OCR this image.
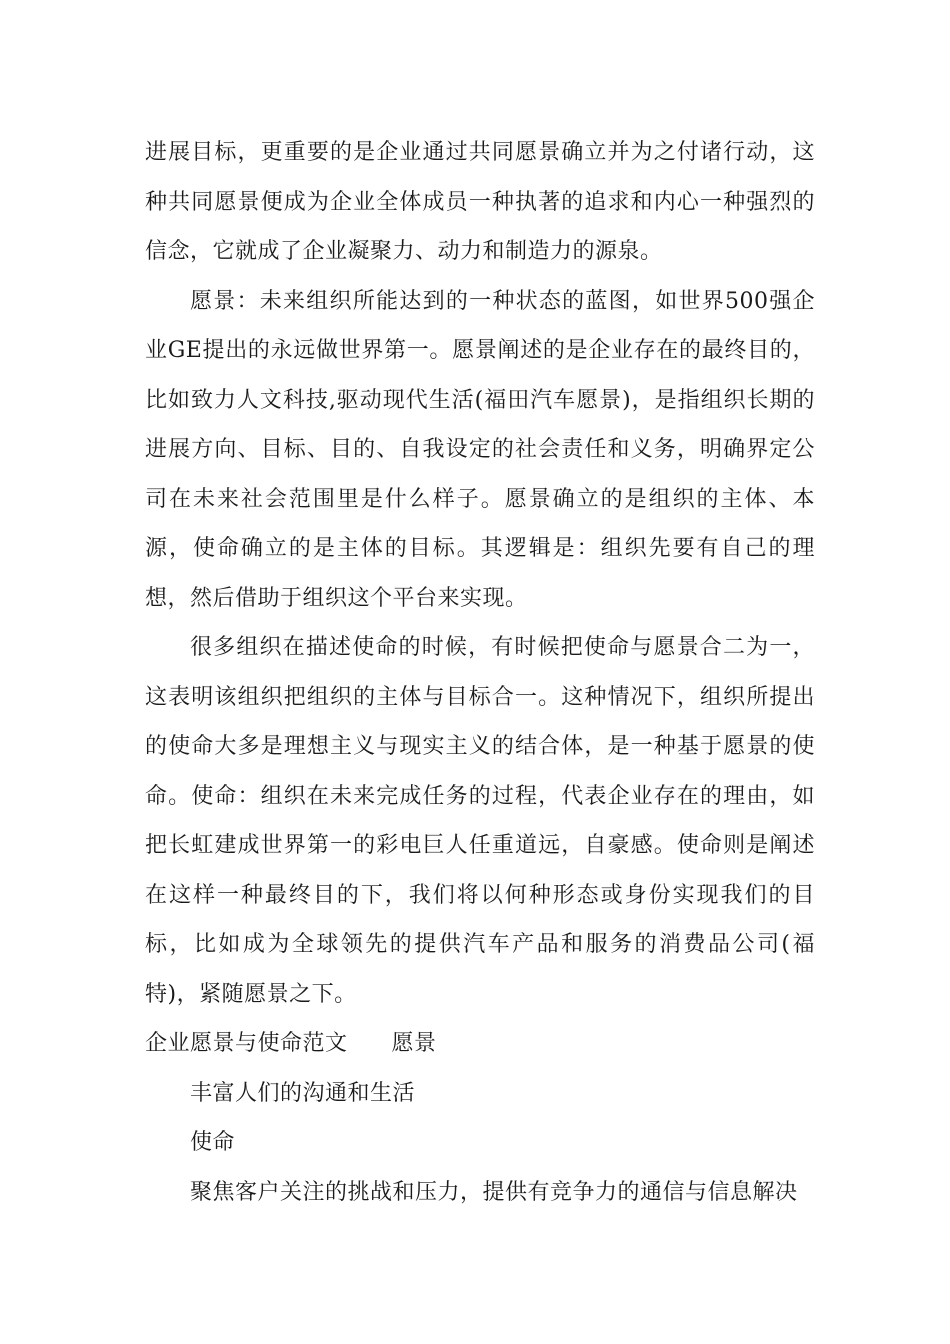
进展目标，更重要的是企业通过共同愿景确立并为之付诸行动，这种共同愿景便成为企业全体成员一种执著的追求和内心一种强烈的信念，它就成了企业凝聚力、动力和制造力的源泉。

愿景：未来组织所能达到的一种状态的蓝图，如世界500强企业GE提出的永远做世界第一。愿景阐述的是企业存在的最终目的，比如致力人文科技,驱动现代生活(福田汽车愿景)，是指组织长期的进展方向、目标、目的、自我设定的社会责任和义务，明确界定公司在未来社会范围里是什么样子。愿景确立的是组织的主体、本源，使命确立的是主体的目标。其逻辑是：组织先要有自己的理想，然后借助于组织这个平台来实现。

很多组织在描述使命的时候，有时候把使命与愿景合二为一，这表明该组织把组织的主体与目标合一。这种情况下，组织所提出的使命大多是理想主义与现实主义的结合体，是一种基于愿景的使命。使命：组织在未来完成任务的过程，代表企业存在的理由，如把长虹建成世界第一的彩电巨人任重道远，自豪感。使命则是阐述在这样一种最终目的下，我们将以何种形态或身份实现我们的目标，比如成为全球领先的提供汽车产品和服务的消费品公司(福特)，紧随愿景之下。

企业愿景与使命范文 愿景

丰富人们的沟通和生活

使命

聚焦客户关注的挑战和压力，提供有竞争力的通信与信息解决
